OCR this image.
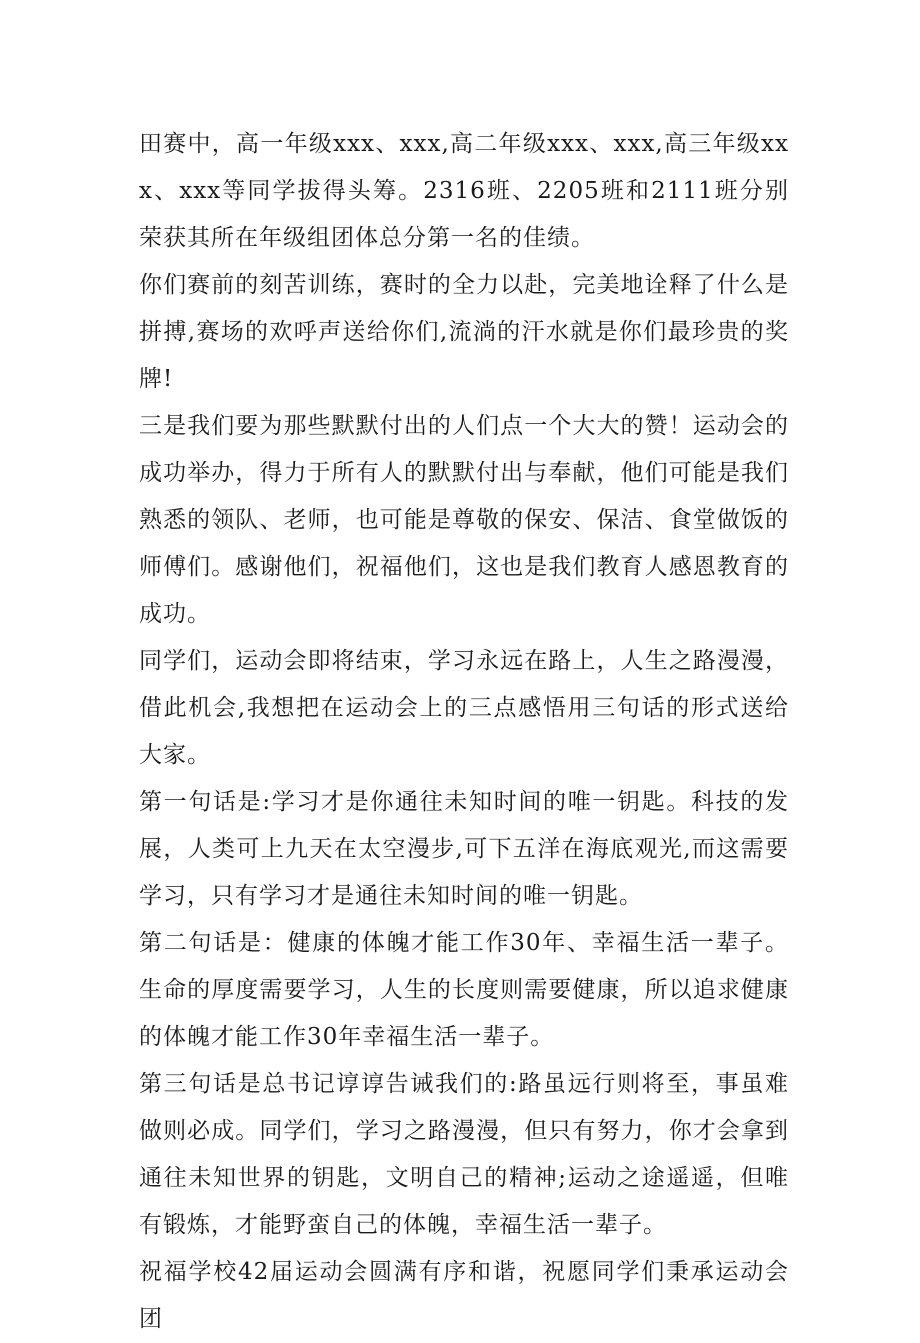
田赛中，高一年级xxx、xxx,高二年级xxx、xxx,高三年级xxx、xxx等同学拔得头筹。2316班、2205班和2111班分别荣获其所在年级组团体总分第一名的佳绩。

你们赛前的刻苦训练，赛时的全力以赴，完美地诠释了什么是拼搏,赛场的欢呼声送给你们,流淌的汗水就是你们最珍贵的奖牌!

三是我们要为那些默默付出的人们点一个大大的赞！运动会的成功举办，得力于所有人的默默付出与奉献，他们可能是我们熟悉的领队、老师，也可能是尊敬的保安、保洁、食堂做饭的师傅们。感谢他们，祝福他们，这也是我们教育人感恩教育的成功。

同学们，运动会即将结束，学习永远在路上，人生之路漫漫，借此机会,我想把在运动会上的三点感悟用三句话的形式送给大家。

第一句话是:学习才是你通往未知时间的唯一钥匙。科技的发展，人类可上九天在太空漫步,可下五洋在海底观光,而这需要学习，只有学习才是通往未知时间的唯一钥匙。

第二句话是：健康的体魄才能工作30年、幸福生活一辈子。生命的厚度需要学习，人生的长度则需要健康，所以追求健康的体魄才能工作30年幸福生活一辈子。

第三句话是总书记谆谆告诫我们的:路虽远行则将至，事虽难做则必成。同学们，学习之路漫漫，但只有努力，你才会拿到通往未知世界的钥匙，文明自己的精神;运动之途遥遥，但唯有锻炼，才能野蛮自己的体魄，幸福生活一辈子。

祝福学校42届运动会圆满有序和谐，祝愿同学们秉承运动会团
